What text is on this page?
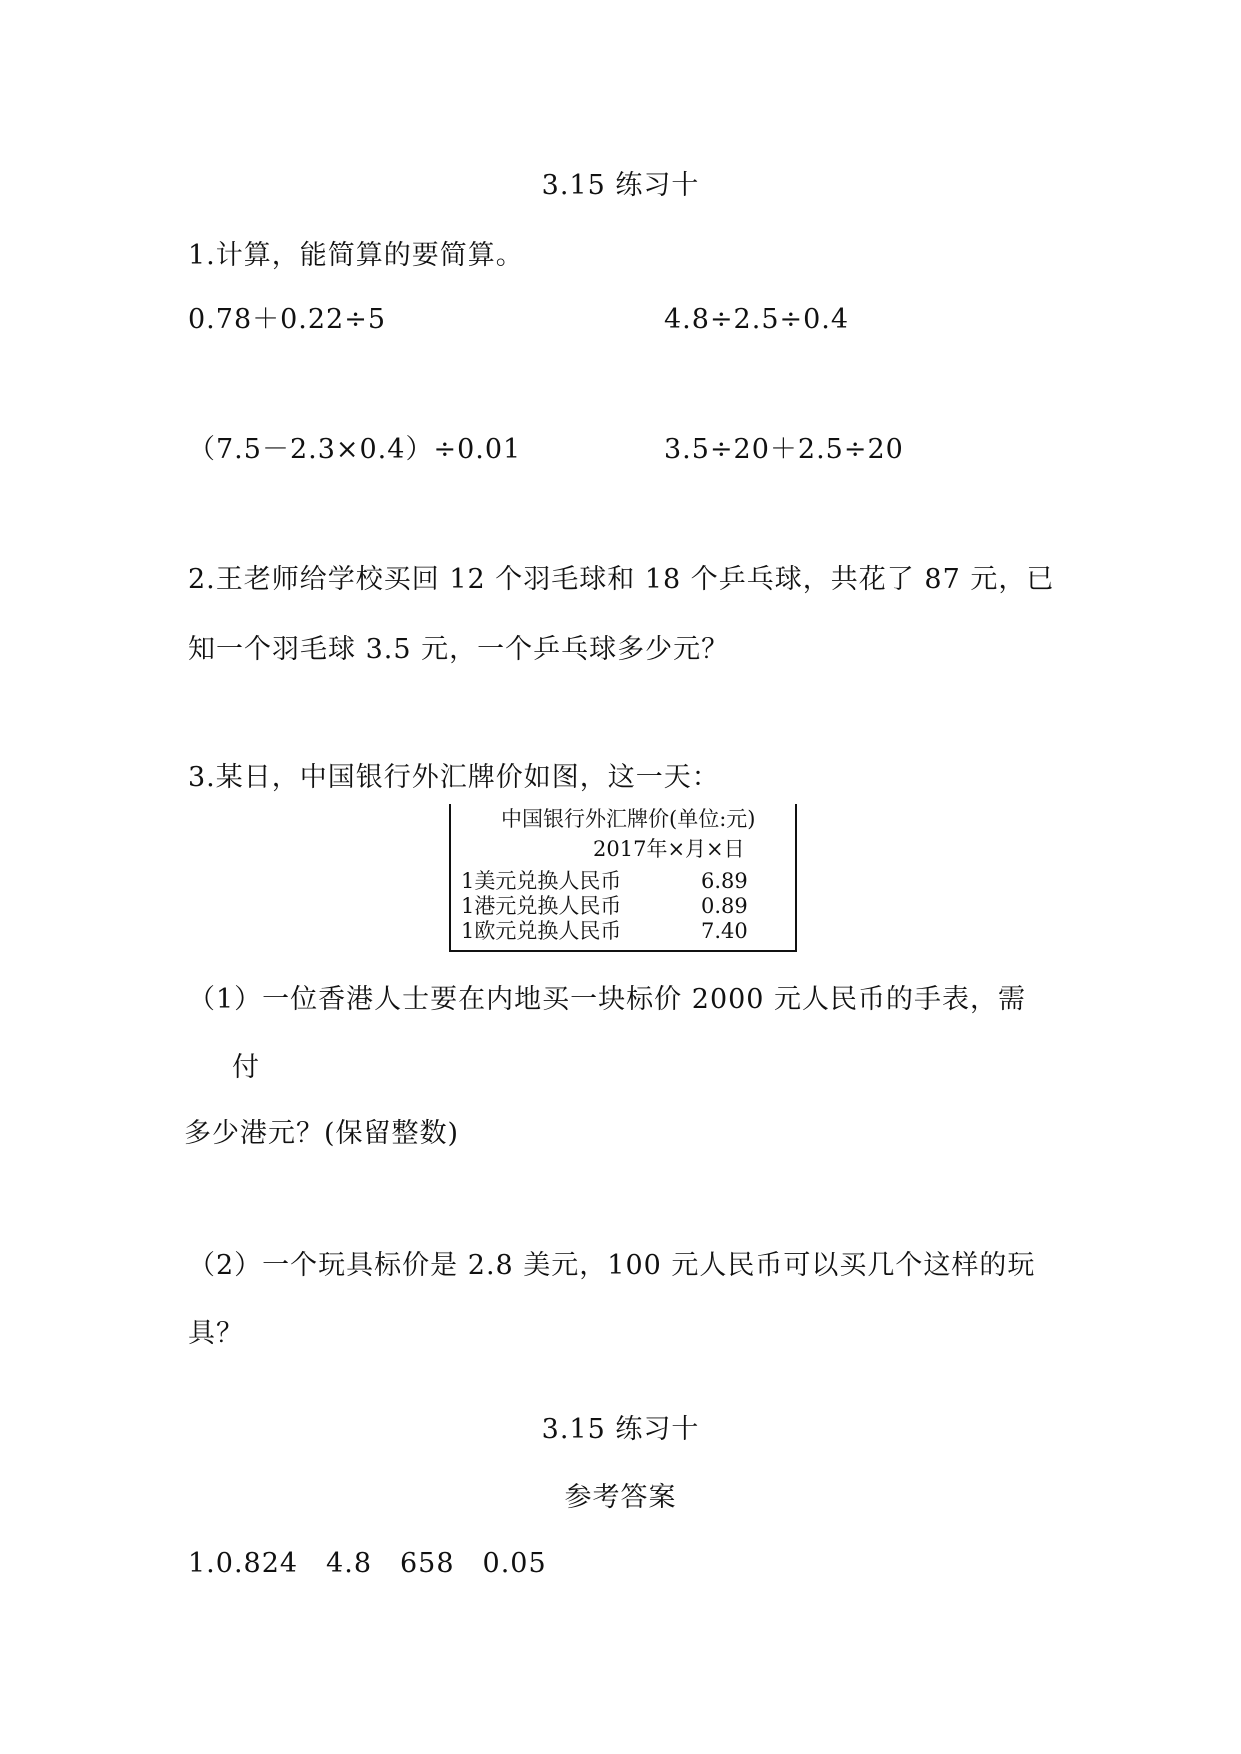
3.15 练习十
1.计算，能简算的要简算。
0.78＋0.22÷5	4.8÷2.5÷0.4
（7.5－2.3×0.4）÷0.01	3.5÷20＋2.5÷20
2.王老师给学校买回 12 个羽毛球和 18 个乒乓球，共花了 87 元，已
知一个羽毛球 3.5 元，一个乒乓球多少元？
3.某日，中国银行外汇牌价如图，这一天：
中国银行外汇牌价(单位:元)
2017年×月×日
1美元兑换人民币	6.89
1港元兑换人民币	0.89
1欧元兑换人民币	7.40
（1）一位香港人士要在内地买一块标价 2000 元人民币的手表，需
付
多少港元？(保留整数)
（2）一个玩具标价是 2.8 美元，100 元人民币可以买几个这样的玩
具？
3.15 练习十
参考答案
1.0.824　4.8　658　0.05
